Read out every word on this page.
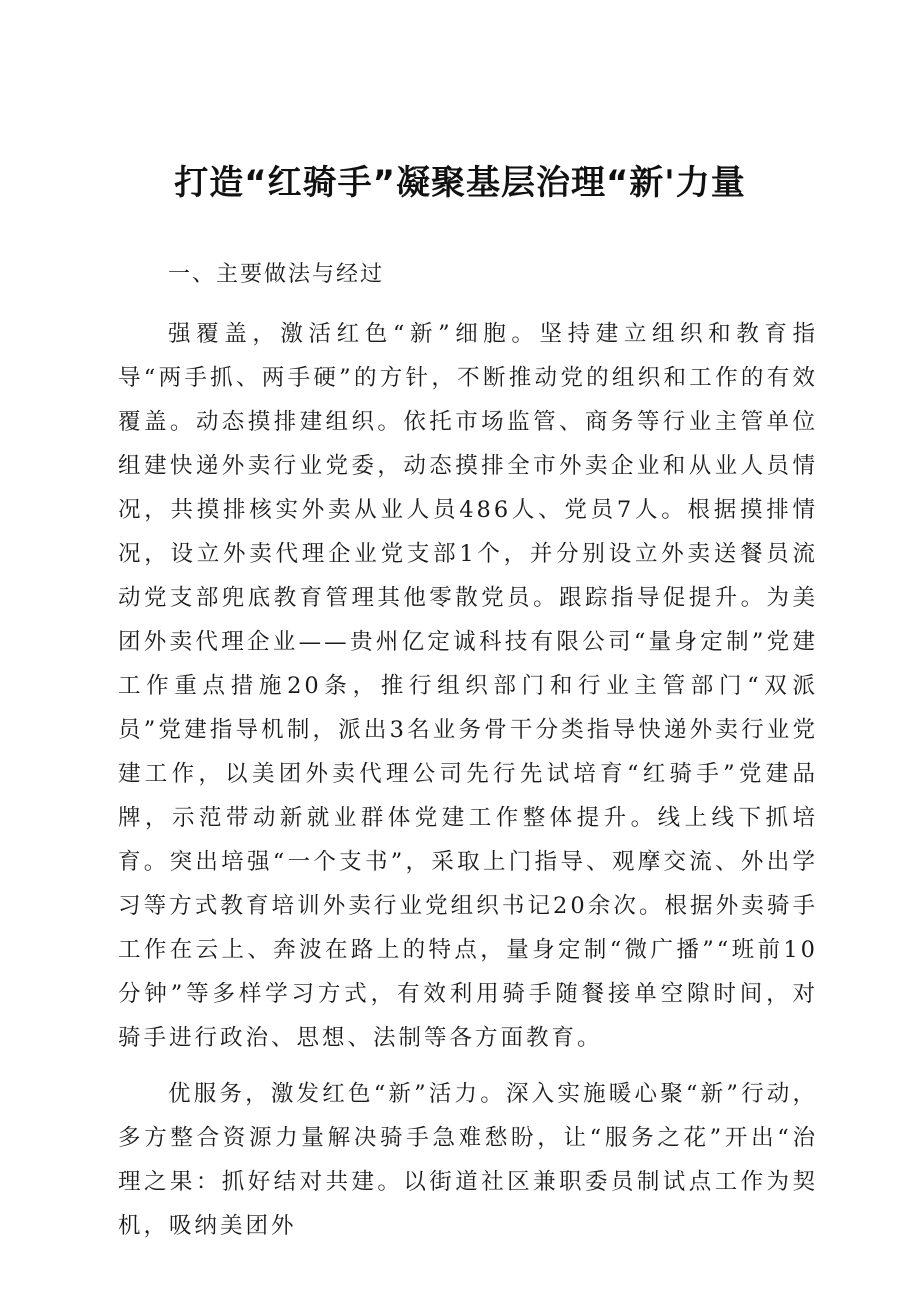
打造“红骑手”凝聚基层治理“新'力量

一、主要做法与经过

强覆盖，激活红色“新”细胞。坚持建立组织和教育指导“两手抓、两手硬”的方针，不断推动党的组织和工作的有效覆盖。动态摸排建组织。依托市场监管、商务等行业主管单位组建快递外卖行业党委，动态摸排全市外卖企业和从业人员情况，共摸排核实外卖从业人员486人、党员7人。根据摸排情况，设立外卖代理企业党支部1个，并分别设立外卖送餐员流动党支部兜底教育管理其他零散党员。跟踪指导促提升。为美团外卖代理企业——贵州亿定诚科技有限公司“量身定制”党建工作重点措施20条，推行组织部门和行业主管部门“双派员”党建指导机制，派出3名业务骨干分类指导快递外卖行业党建工作，以美团外卖代理公司先行先试培育“红骑手”党建品牌，示范带动新就业群体党建工作整体提升。线上线下抓培育。突出培强“一个支书”，采取上门指导、观摩交流、外出学习等方式教育培训外卖行业党组织书记20余次。根据外卖骑手工作在云上、奔波在路上的特点，量身定制“微广播”“班前10分钟”等多样学习方式，有效利用骑手随餐接单空隙时间，对骑手进行政治、思想、法制等各方面教育。

优服务，激发红色“新”活力。深入实施暖心聚“新”行动，多方整合资源力量解决骑手急难愁盼，让“服务之花”开出“治理之果：抓好结对共建。以街道社区兼职委员制试点工作为契机，吸纳美团外
